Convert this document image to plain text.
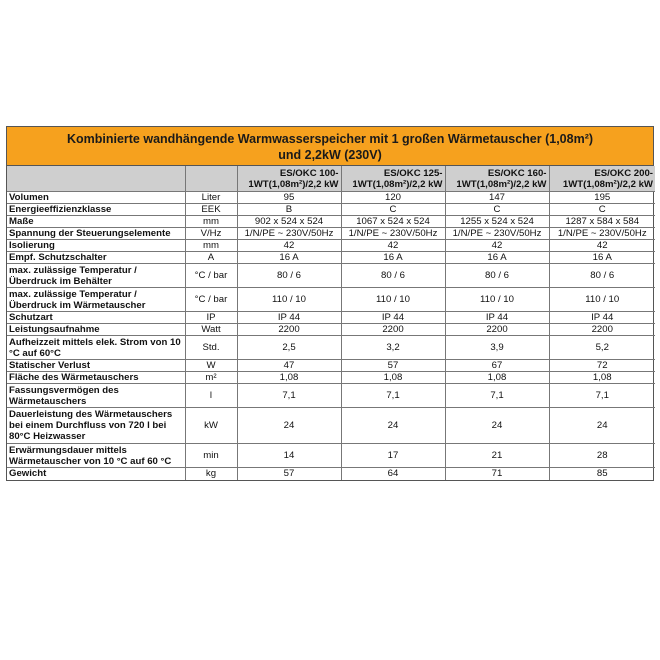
Kombinierte wandhängende Warmwasserspeicher mit 1 großen Wärmetauscher (1,08m²)
und 2,2kW (230V)
		ES/OKC 100-
1WT(1,08m²)/2,2 kW	ES/OKC 125-
1WT(1,08m²)/2,2 kW	ES/OKC 160-
1WT(1,08m²)/2,2 kW	ES/OKC 200-
1WT(1,08m²)/2,2 kW
Volumen	Liter	95	120	147	195
Energieeffizienzklasse	EEK	B	C	C	C
Maße	mm	902 x 524 x 524	1067 x 524 x 524	1255 x 524 x 524	1287 x 584 x 584
Spannung der Steuerungselemente	V/Hz	1/N/PE ~ 230V/50Hz	1/N/PE ~ 230V/50Hz	1/N/PE ~ 230V/50Hz	1/N/PE ~ 230V/50Hz
Isolierung	mm	42	42	42	42
Empf. Schutzschalter	A	16 A	16 A	16 A	16 A
max. zulässige Temperatur /
Überdruck im Behälter	°C / bar	80 / 6	80 / 6	80 / 6	80 / 6
max. zulässige Temperatur /
Überdruck im Wärmetauscher	°C / bar	110 / 10	110 / 10	110 / 10	110 / 10
Schutzart	IP	IP 44	IP 44	IP 44	IP 44
Leistungsaufnahme	Watt	2200	2200	2200	2200
Aufheizzeit mittels elek. Strom von 10
°C auf 60°C	Std.	2,5	3,2	3,9	5,2
Statischer Verlust	W	47	57	67	72
Fläche des Wärmetauschers	m²	1,08	1,08	1,08	1,08
Fassungsvermögen des
Wärmetauschers	l	7,1	7,1	7,1	7,1
Dauerleistung des Wärmetauschers
bei einem Durchfluss von 720 l bei
80°C Heizwasser	kW	24	24	24	24
Erwärmungsdauer mittels
Wärmetauscher von 10 °C auf 60 °C	min	14	17	21	28
Gewicht	kg	57	64	71	85
